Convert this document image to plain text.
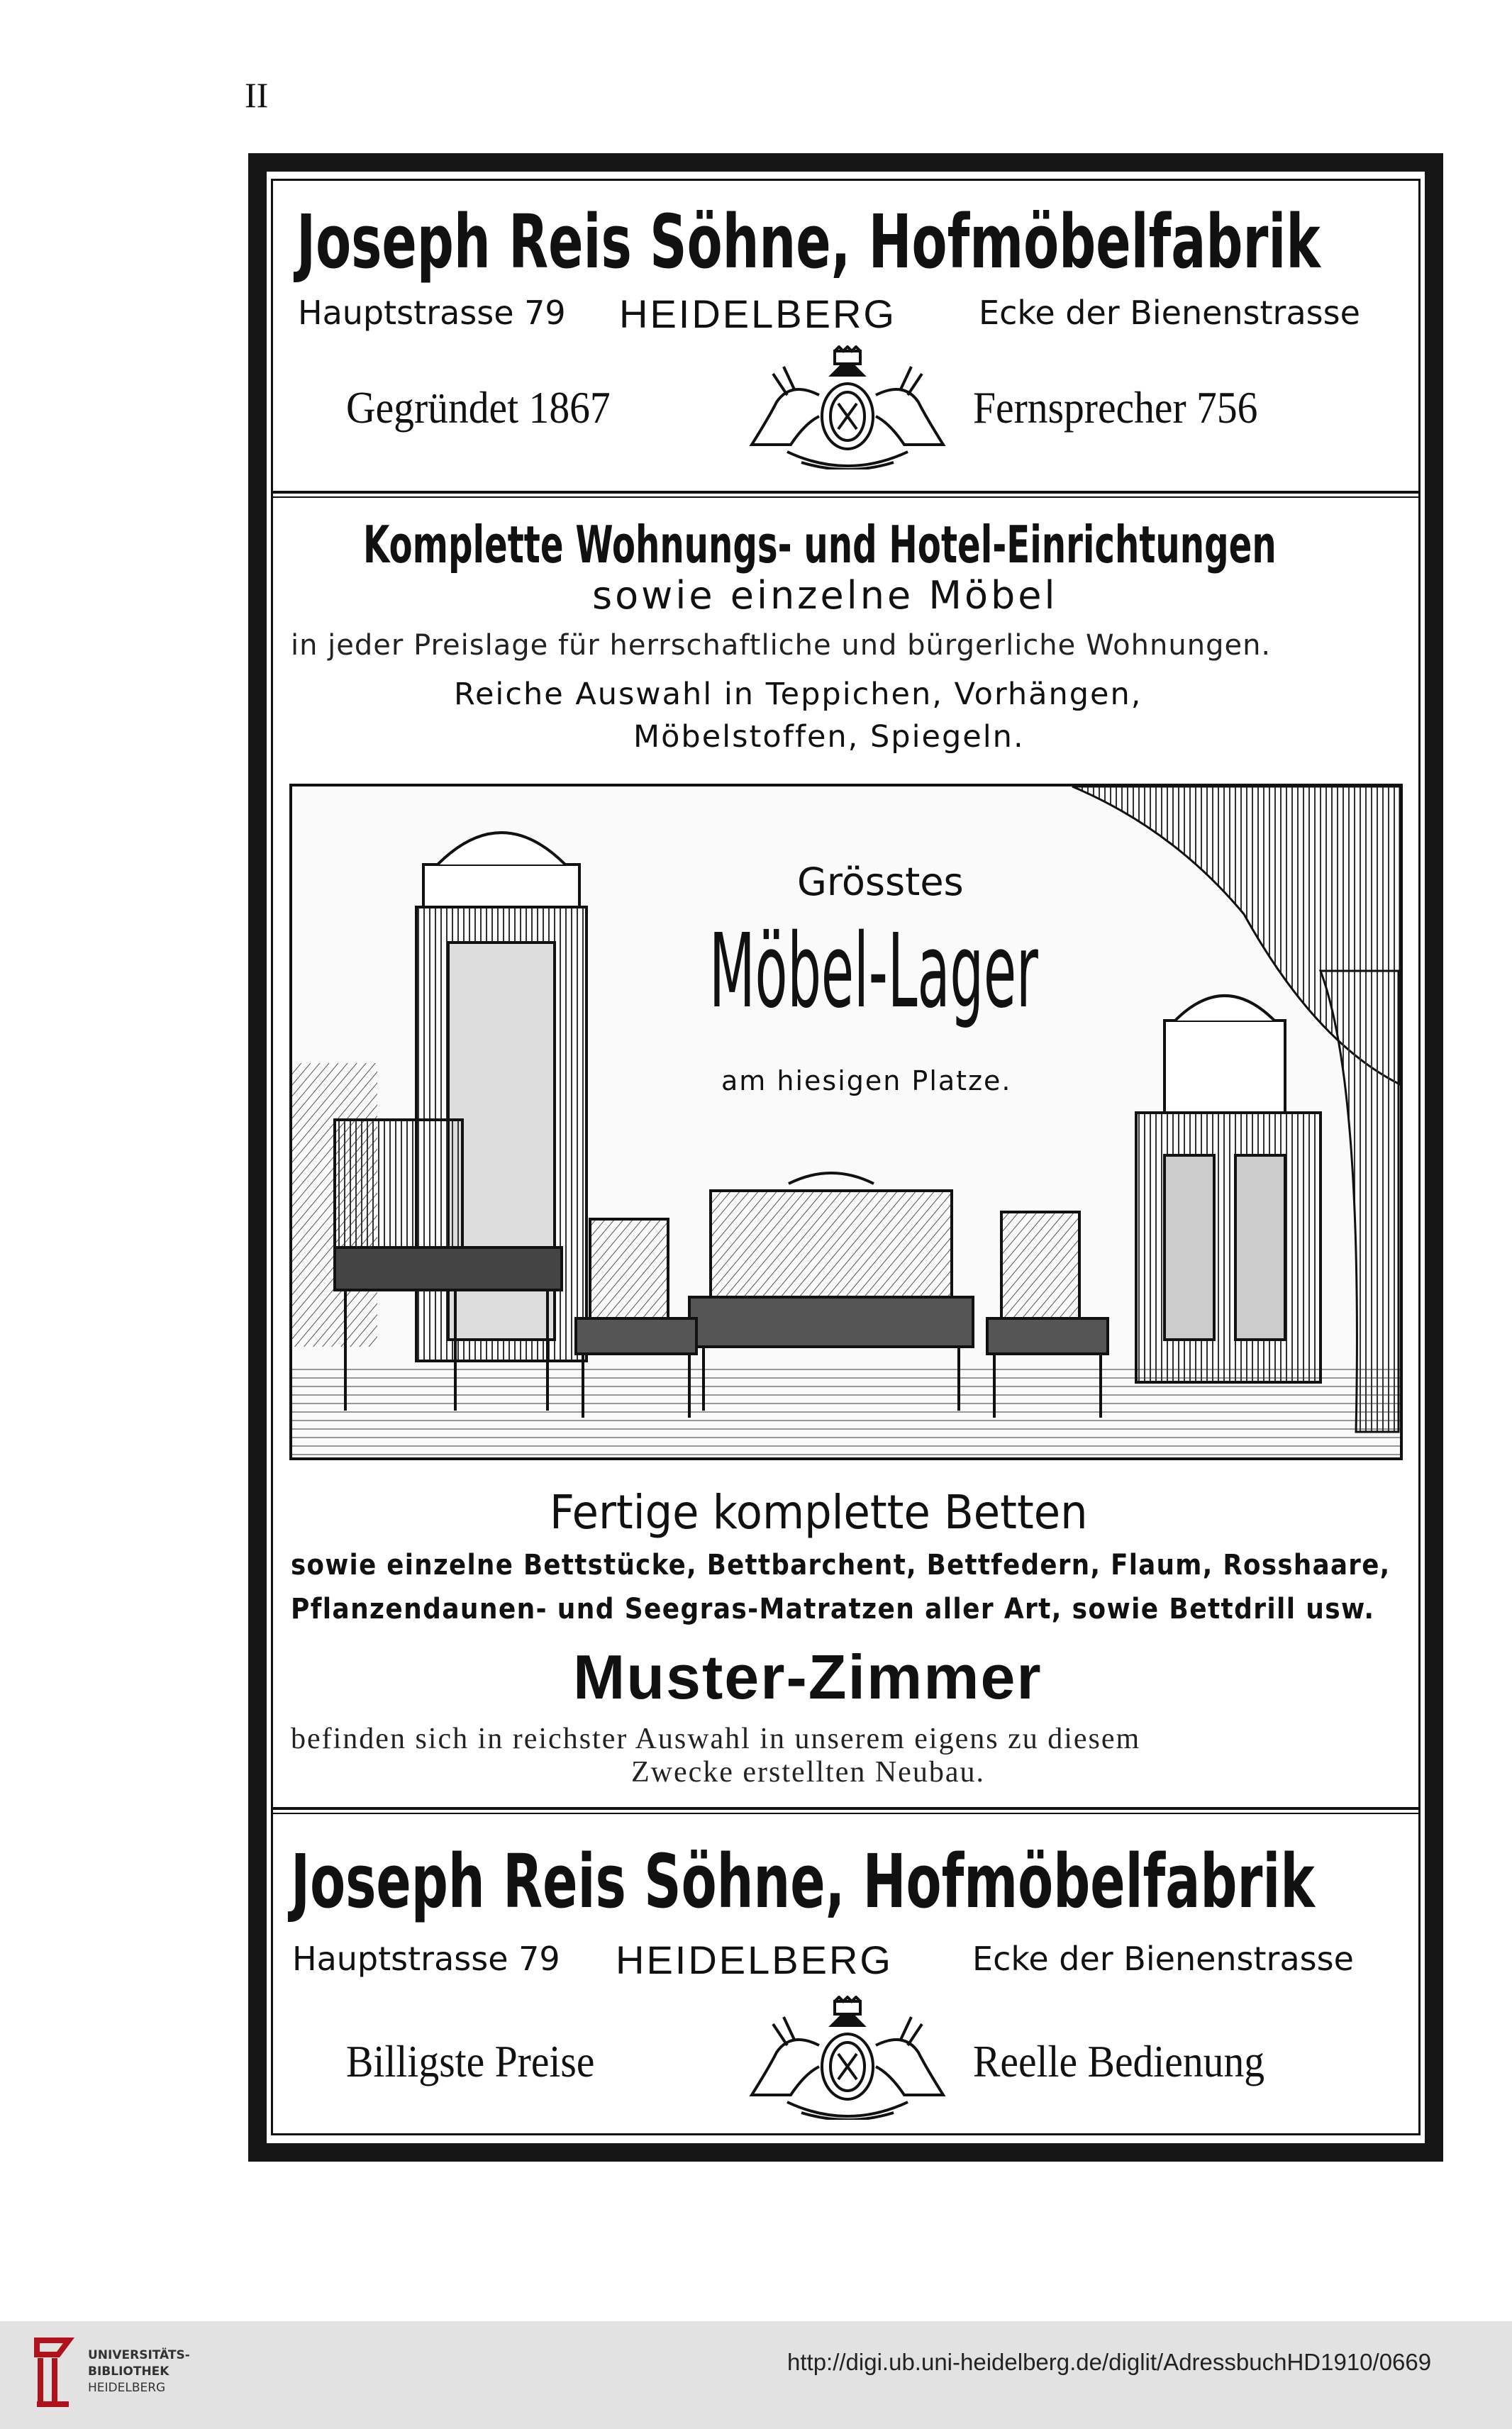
II
Joseph Reis Söhne, Hofmöbelfabrik
Hauptstrasse 79 HEIDELBERG	Ecke der Bienenstrasse
Gegründet 1867	Fernsprecher 756
Komplette Wohnungs- und Hotel-Einrichtungen
sowie einzelne Möbel
in jeder Preislage für herrschaftliche und bürgerliche Wohnungen.
Reiche Auswahl in Teppichen, Vorhängen,
Möbelstoffen, Spiegeln.
Grösstes
Möbel-Lager
am hiesigen Platze.
Fertige komplette Betten
sowie einzelne Bettstücke, Bettbarchent, Bettfedern, Flaum, Rosshaare,
Pflanzendaunen- und Seegras-Matratzen aller Art, sowie Bettdrill usw.
Muster-Zimmer
befinden sich in reichster Auswahl in unserem eigens zu diesem
Zwecke erstellten Neubau.
Joseph Reis Söhne, Hofmöbelfabrik
Hauptstrasse 79 HEIDELBERG Ecke der Bienenstrasse
Billigste Preise	Reelle Bedienung
UNIVERSITÄTS-
BIBLIOTHEK
HEIDELBERG
http://digi.ub.uni-heidelberg.de/diglit/AdressbuchHD1910/0669
